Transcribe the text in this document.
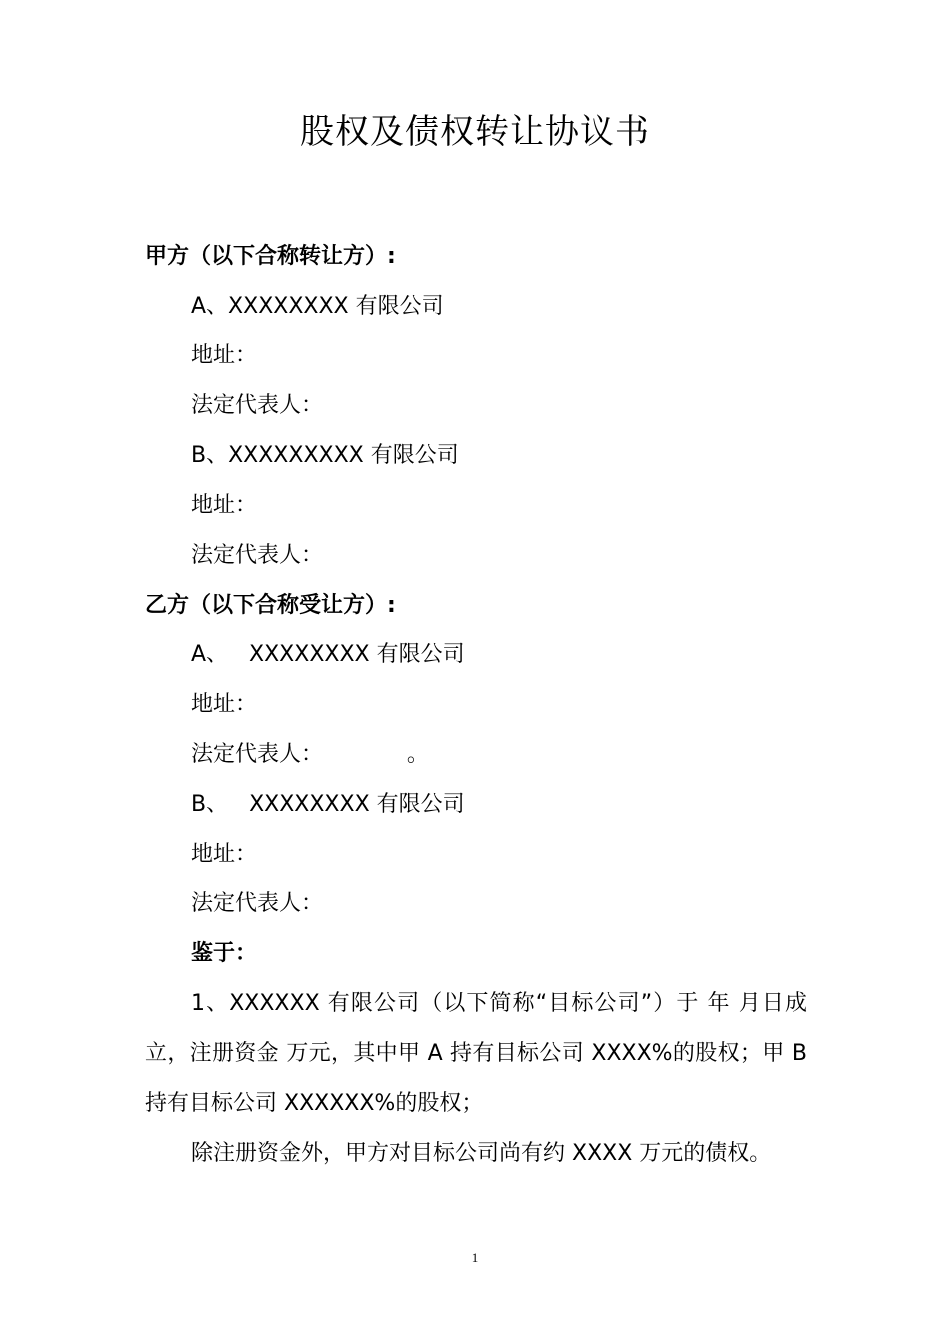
股权及债权转让协议书
甲方（以下合称转让方）:
A、XXXXXXXX 有限公司
地址：
法定代表人：
B、XXXXXXXXX 有限公司
地址：
法定代表人：
乙方（以下合称受让方）:
A、   XXXXXXXX 有限公司
地址：
法定代表人：            。
B、   XXXXXXXX 有限公司
地址：
法定代表人：
鉴于：
1、XXXXXX 有限公司（以下简称“目标公司”）于 年 月日成立，注册资金 万元，其中甲 A 持有目标公司 XXXX%的股权；甲 B 持有目标公司 XXXXXX%的股权；
除注册资金外，甲方对目标公司尚有约 XXXX 万元的债权。
1
